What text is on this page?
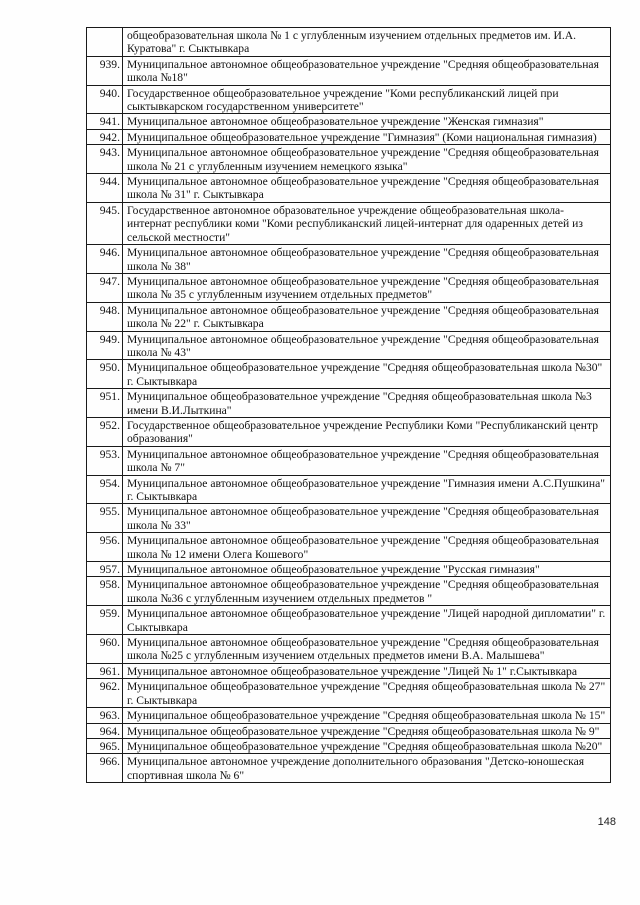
	общеобразовательная школа № 1 с углубленным изучением отдельных предметов им. И.А. Куратова" г. Сыктывкара
939.	Муниципальное автономное общеобразовательное учреждение "Средняя общеобразовательная школа №18"
940.	Государственное общеобразовательное учреждение "Коми республиканский лицей при сыктывкарском государственном университете"
941.	Муниципальное автономное общеобразовательное учреждение "Женская гимназия"
942.	Муниципальное общеобразовательное учреждение "Гимназия" (Коми национальная гимназия)
943.	Муниципальное автономное общеобразовательное учреждение "Средняя общеобразовательная школа № 21 с углубленным изучением немецкого языка"
944.	Муниципальное автономное общеобразовательное учреждение "Средняя общеобразовательная школа № 31" г. Сыктывкара
945.	Государственное автономное образовательное учреждение общеобразовательная школа-интернат республики коми "Коми республиканский лицей-интернат для одаренных детей из сельской местности"
946.	Муниципальное автономное общеобразовательное учреждение "Средняя общеобразовательная школа № 38"
947.	Муниципальное автономное общеобразовательное учреждение "Средняя общеобразовательная школа № 35 с углубленным изучением отдельных предметов"
948.	Муниципальное автономное общеобразовательное учреждение "Средняя общеобразовательная школа № 22" г. Сыктывкара
949.	Муниципальное автономное общеобразовательное учреждение "Средняя общеобразовательная школа № 43"
950.	Муниципальное общеобразовательное учреждение "Средняя общеобразовательная школа №30" г. Сыктывкара
951.	Муниципальное общеобразовательное учреждение "Средняя общеобразовательная школа №3 имени В.И.Лыткина"
952.	Государственное общеобразовательное учреждение Республики Коми "Республиканский центр образования"
953.	Муниципальное автономное общеобразовательное учреждение "Средняя общеобразовательная школа № 7"
954.	Муниципальное автономное общеобразовательное учреждение "Гимназия имени А.С.Пушкина" г. Сыктывкара
955.	Муниципальное автономное общеобразовательное учреждение "Средняя общеобразовательная школа № 33"
956.	Муниципальное автономное общеобразовательное учреждение "Средняя общеобразовательная школа № 12 имени Олега Кошевого"
957.	Муниципальное автономное общеобразовательное учреждение "Русская гимназия"
958.	Муниципальное автономное общеобразовательное учреждение "Средняя общеобразовательная школа №36 с углубленным изучением отдельных предметов "
959.	Муниципальное автономное общеобразовательное учреждение "Лицей народной дипломатии" г. Сыктывкара
960.	Муниципальное автономное общеобразовательное учреждение "Средняя общеобразовательная школа №25 с углубленным изучением отдельных предметов имени В.А. Малышева"
961.	Муниципальное автономное общеобразовательное учреждение "Лицей № 1" г.Сыктывкара
962.	Муниципальное общеобразовательное учреждение "Средняя общеобразовательная школа № 27" г. Сыктывкара
963.	Муниципальное общеобразовательное учреждение "Средняя общеобразовательная школа № 15"
964.	Муниципальное общеобразовательное учреждение "Средняя общеобразовательная школа № 9"
965.	Муниципальное общеобразовательное учреждение "Средняя общеобразовательная школа №20"
966.	Муниципальное автономное учреждение дополнительного образования "Детско-юношеская спортивная школа № 6"
148
